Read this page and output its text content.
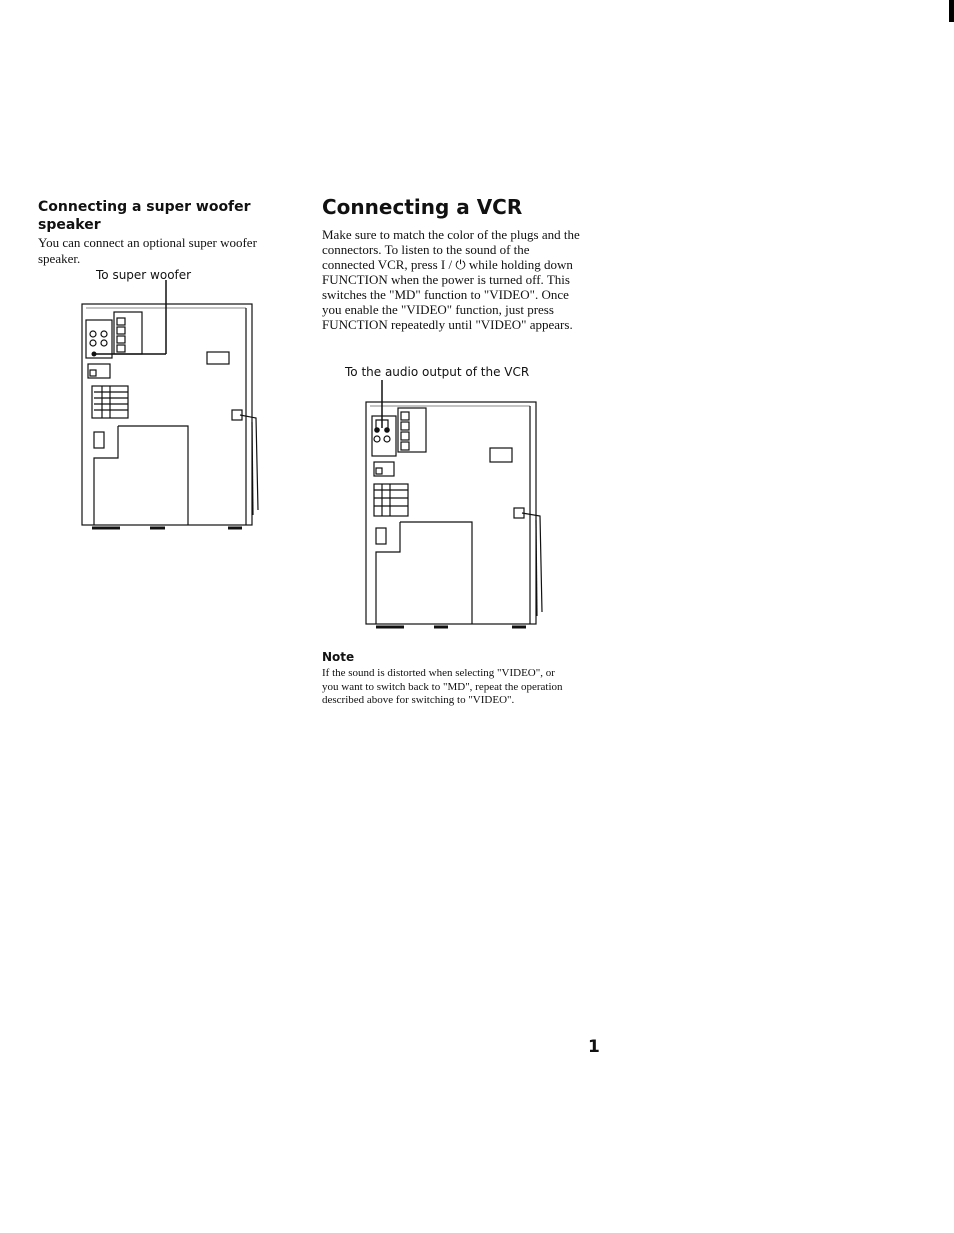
Connecting a super woofer speaker

You can connect an optional super woofer speaker.

To super woofer

Connecting a VCR

Make sure to match the color of the plugs and the connectors. To listen to the sound of the connected VCR, press I / ⏻ while holding down FUNCTION when the power is turned off. This switches the "MD" function to "VIDEO". Once you enable the "VIDEO" function, just press FUNCTION repeatedly until "VIDEO" appears.

To the audio output of the VCR

Note

If the sound is distorted when selecting "VIDEO", or you want to switch back to "MD", repeat the operation described above for switching to "VIDEO".

1
